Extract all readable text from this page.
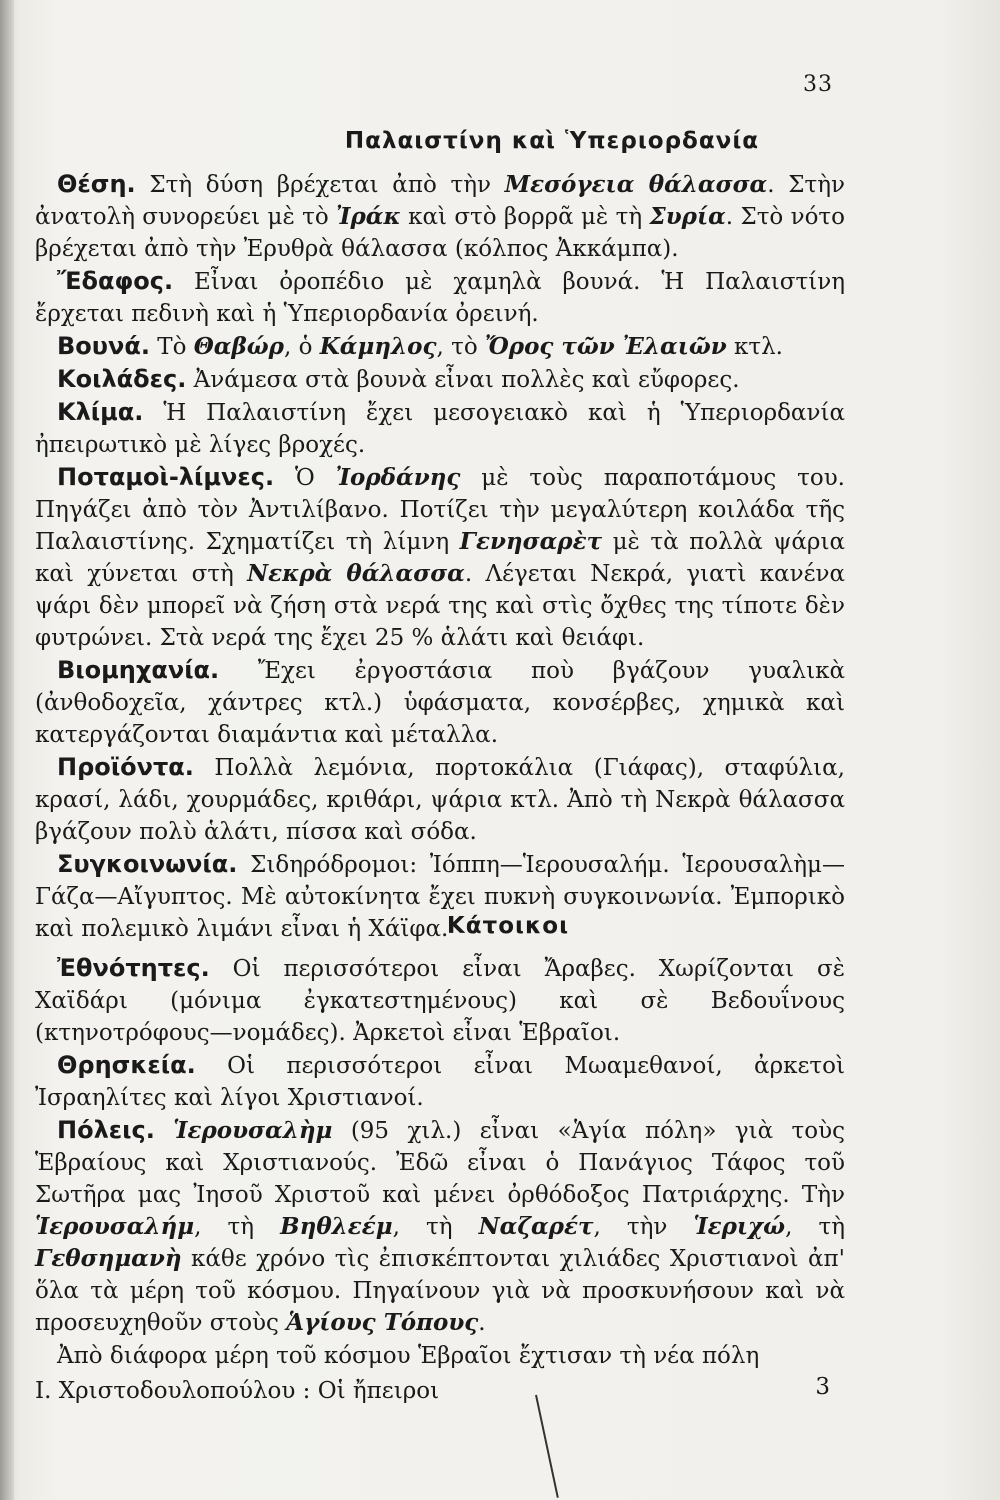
33
Παλαιστίνη καὶ Ὑπεριορδανία

Θέση. Στὴ δύση βρέχεται ἀπὸ τὴν Μεσόγεια θάλασσα. Στὴν ἀνατολὴ συνορεύει μὲ τὸ Ἰράκ καὶ στὸ βορρᾶ μὲ τὴ Συρία. Στὸ νότο βρέχεται ἀπὸ τὴν Ἐρυθρὰ θάλασσα (κόλπος Ἀκκάμπα).

Ἔδαφος. Εἶναι ὀροπέδιο μὲ χαμηλὰ βουνά. Ἡ Παλαιστίνη ἔρχεται πεδινὴ καὶ ἡ Ὑπεριορδανία ὀρεινή.

Βουνά. Τὸ Θαβώρ, ὁ Κάμηλος, τὸ Ὄρος τῶν Ἐλαιῶν κτλ.

Κοιλάδες. Ἀνάμεσα στὰ βουνὰ εἶναι πολλὲς καὶ εὔφορες.

Κλίμα. Ἡ Παλαιστίνη ἔχει μεσογειακὸ καὶ ἡ Ὑπεριορδανία ἠπειρωτικὸ μὲ λίγες βροχές.

Ποταμοὶ-λίμνες. Ὁ Ἰορδάνης μὲ τοὺς παραποτάμους του. Πηγάζει ἀπὸ τὸν Ἀντιλίβανο. Ποτίζει τὴν μεγαλύτερη κοιλάδα τῆς Παλαιστίνης. Σχηματίζει τὴ λίμνη Γενησαρὲτ μὲ τὰ πολλὰ ψάρια καὶ χύνεται στὴ Νεκρὰ θάλασσα. Λέγεται Νεκρά, γιατὶ κανένα ψάρι δὲν μπορεῖ νὰ ζήση στὰ νερά της καὶ στὶς ὄχθες της τίποτε δὲν φυτρώνει. Στὰ νερά της ἔχει 25 % ἁλάτι καὶ θειάφι.

Βιομηχανία. Ἔχει ἐργοστάσια ποὺ βγάζουν γυαλικὰ (ἀνθοδοχεῖα, χάντρες κτλ.) ὑφάσματα, κονσέρβες, χημικὰ καὶ κατεργάζονται διαμάντια καὶ μέταλλα.

Προϊόντα. Πολλὰ λεμόνια, πορτοκάλια (Γιάφας), σταφύλια, κρασί, λάδι, χουρμάδες, κριθάρι, ψάρια κτλ. Ἀπὸ τὴ Νεκρὰ θάλασσα βγάζουν πολὺ ἁλάτι, πίσσα καὶ σόδα.

Συγκοινωνία. Σιδηρόδρομοι: Ἰόππη—Ἱερουσαλήμ. Ἱερουσαλὴμ—Γάζα—Αἴγυπτος. Μὲ αὐτοκίνητα ἔχει πυκνὴ συγκοινωνία. Ἐμπορικὸ καὶ πολεμικὸ λιμάνι εἶναι ἡ Χάϊφα.

Κάτοικοι

Ἐθνότητες. Οἱ περισσότεροι εἶναι Ἄραβες. Χωρίζονται σὲ Χαϊδάρι (μόνιμα ἐγκατεστημένους) καὶ σὲ Βεδουΐνους (κτηνοτρόφους—νομάδες). Ἀρκετοὶ εἶναι Ἑβραῖοι.

Θρησκεία. Οἱ περισσότεροι εἶναι Μωαμεθανοί, ἀρκετοὶ Ἰσραηλίτες καὶ λίγοι Χριστιανοί.

Πόλεις. Ἱερουσαλὴμ (95 χιλ.) εἶναι «Ἁγία πόλη» γιὰ τοὺς Ἑβραίους καὶ Χριστιανούς. Ἐδῶ εἶναι ὁ Πανάγιος Τάφος τοῦ Σωτῆρα μας Ἰησοῦ Χριστοῦ καὶ μένει ὀρθόδοξος Πατριάρχης. Τὴν Ἱερουσαλήμ, τὴ Βηθλεέμ, τὴ Ναζαρέτ, τὴν Ἱεριχώ, τὴ Γεθσημανὴ κάθε χρόνο τὶς ἐπισκέπτονται χιλιάδες Χριστιανοὶ ἀπ' ὅλα τὰ μέρη τοῦ κόσμου. Πηγαίνουν γιὰ νὰ προσκυνήσουν καὶ νὰ προσευχηθοῦν στοὺς Ἁγίους Τόπους.

Ἀπὸ διάφορα μέρη τοῦ κόσμου Ἑβραῖοι ἔχτισαν τὴ νέα πόλη

Ι. Χριστοδουλοπούλου : Οἱ ἤπειροι	3
